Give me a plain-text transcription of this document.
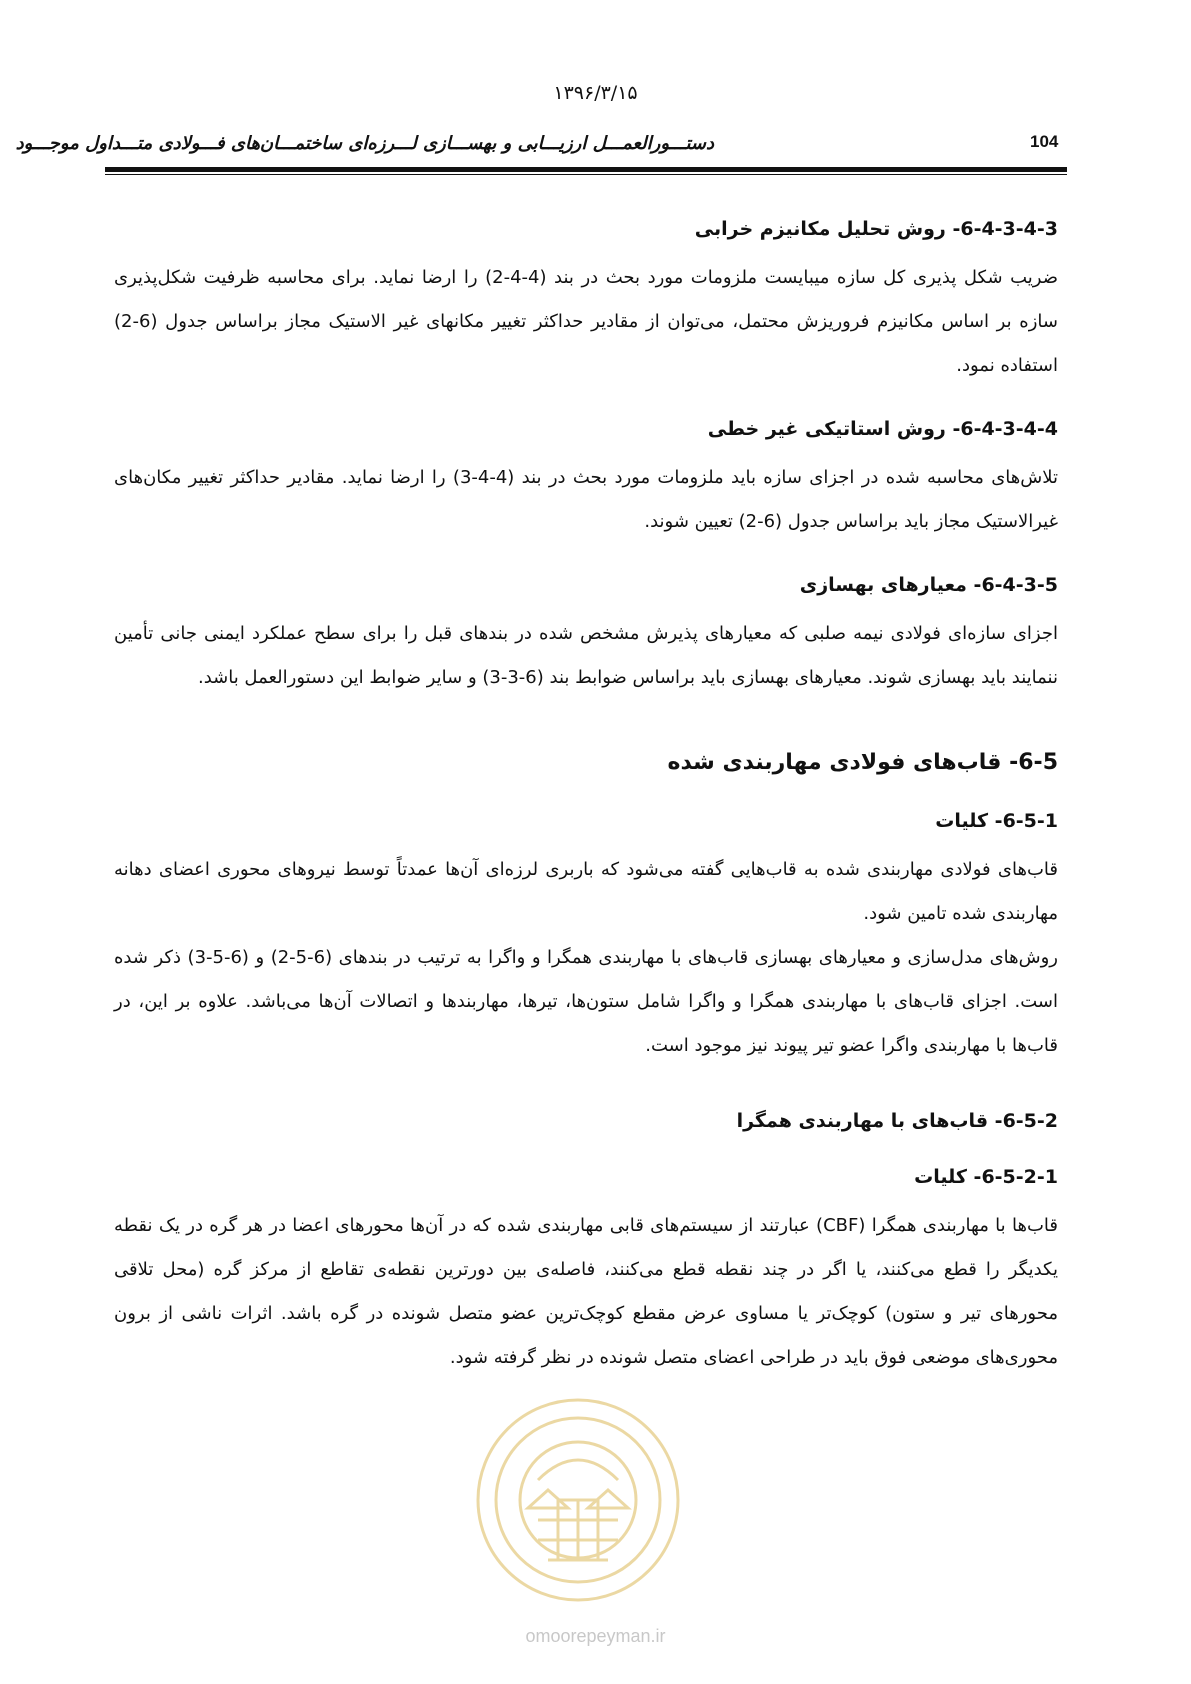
۱۳۹۶/۳/۱۵
دستـــورالعمـــل ارزیـــابی و بهســـازی لـــرزه‌ای ساختمـــان‌های فـــولادی متـــداول موجـــود	104
6-4-3-4-3- روش تحلیل مکانیزم خرابی

ضریب شکل پذیری کل سازه میبایست ملزومات مورد بحث در بند (4-4-2) را ارضا نماید. برای محاسبه ظرفیت شکل‌پذیری سازه بر اساس مکانیزم فروریزش محتمل، می‌توان از مقادیر حداکثر تغییر مکانهای غیر الاستیک مجاز براساس جدول (6-2) استفاده نمود.

6-4-3-4-4- روش استاتیکی غیر خطی

تلاش‌های محاسبه شده در اجزای سازه باید ملزومات مورد بحث در بند (4-4-3) را ارضا نماید. مقادیر حداکثر تغییر مکان‌های غیرالاستیک مجاز باید براساس جدول (6-2) تعیین شوند.

6-4-3-5- معیارهای بهسازی

اجزای سازه‌ای فولادی نیمه صلبی که معیارهای پذیرش مشخص شده در بندهای قبل را برای سطح عملکرد ایمنی جانی تأمین ننمایند باید بهسازی شوند. معیارهای بهسازی باید براساس ضوابط بند (6-3-3) و سایر ضوابط این دستورالعمل باشد.

6-5- قاب‌های فولادی مهاربندی شده
6-5-1- کلیات

قاب‌های فولادی مهاربندی شده به قاب‌هایی گفته می‌شود که باربری لرزه‌ای آن‌ها عمدتاً توسط نیروهای محوری اعضای دهانه مهاربندی شده تامین شود.

روش‌های مدل‌سازی و معیارهای بهسازی قاب‌های با مهاربندی همگرا و واگرا به ترتیب در بندهای (6-5-2) و (6-5-3) ذکر شده است. اجزای قاب‌های با مهاربندی همگرا و واگرا شامل ستون‌ها، تیرها، مهاربندها و اتصالات آن‌ها می‌باشد. علاوه بر این، در قاب‌ها با مهاربندی واگرا عضو تیر پیوند نیز موجود است.

6-5-2- قاب‌های با مهاربندی همگرا
6-5-2-1- کلیات

قاب‌ها با مهاربندی همگرا (CBF) عبارتند از سیستم‌های قابی مهاربندی شده که در آن‌ها محورهای اعضا در هر گره در یک نقطه یکدیگر را قطع می‌کنند، یا اگر در چند نقطه قطع می‌کنند، فاصله‌ی بین دورترین نقطه‌ی تقاطع از مرکز گره (محل تلاقی محورهای تیر و ستون) کوچک‌تر یا مساوی عرض مقطع کوچک‌ترین عضو متصل شونده در گره باشد. اثرات ناشی از برون محوری‌های موضعی فوق باید در طراحی اعضای متصل شونده در نظر گرفته شود.

omoorepeyman.ir
